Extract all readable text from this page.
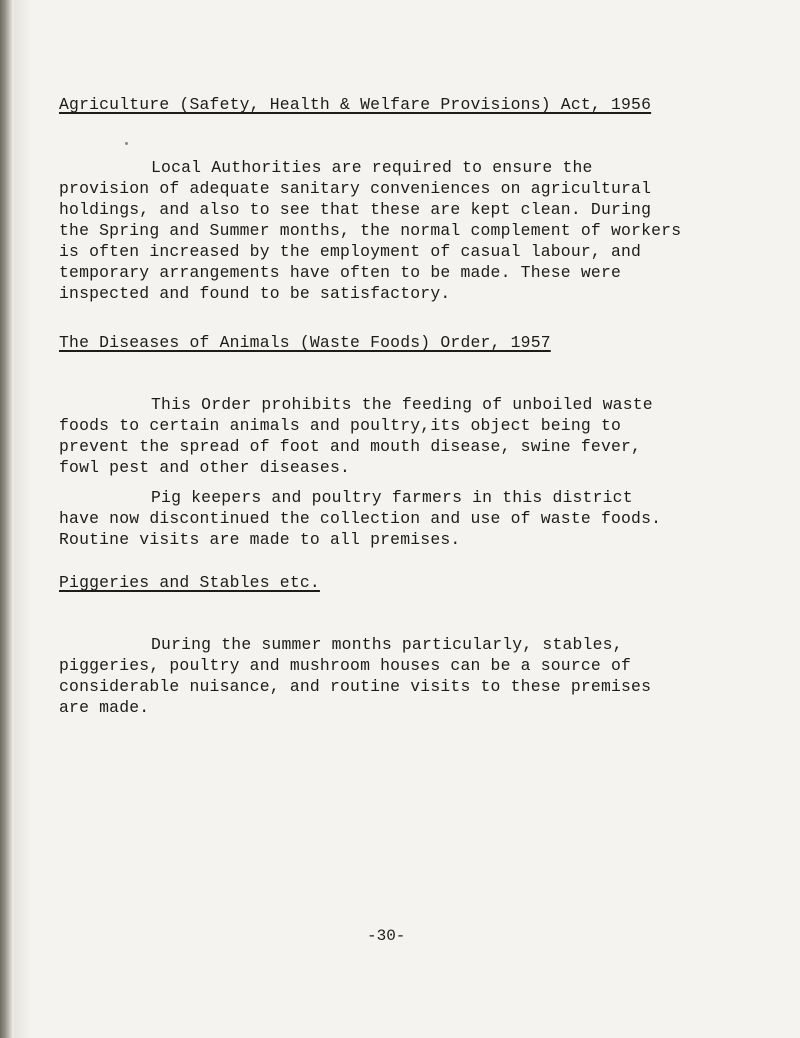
Agriculture (Safety, Health & Welfare Provisions) Act, 1956
Local Authorities are required to ensure the
provision of adequate sanitary conveniences on agricultural
holdings, and also to see that these are kept clean. During
the Spring and Summer months, the normal complement of workers
is often increased by the employment of casual labour, and
temporary arrangements have often to be made. These were
inspected and found to be satisfactory.
The Diseases of Animals (Waste Foods) Order, 1957
This Order prohibits the feeding of unboiled waste
foods to certain animals and poultry,its object being to
prevent the spread of foot and mouth disease, swine fever,
fowl pest and other diseases.
Pig keepers and poultry farmers in this district
have now discontinued the collection and use of waste foods.
Routine visits are made to all premises.
Piggeries and Stables etc.
During the summer months particularly, stables,
piggeries, poultry and mushroom houses can be a source of
considerable nuisance, and routine visits to these premises
are made.
-30-
